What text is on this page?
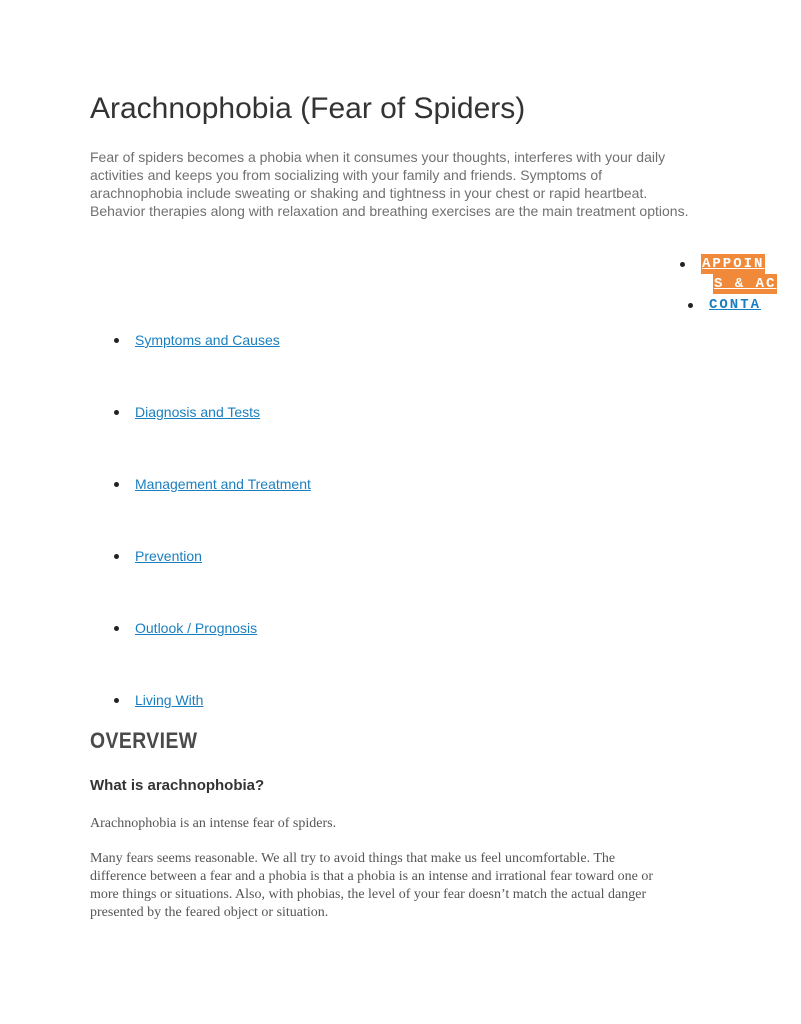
Arachnophobia (Fear of Spiders)

Fear of spiders becomes a phobia when it consumes your thoughts, interferes with your daily activities and keeps you from socializing with your family and friends. Symptoms of arachnophobia include sweating or shaking and tightness in your chest or rapid heartbeat. Behavior therapies along with relaxation and breathing exercises are the main treatment options.

APPOIN
S & AC
CONTA
Symptoms and Causes
Diagnosis and Tests
Management and Treatment
Prevention
Outlook / Prognosis
Living With
OVERVIEW
What is arachnophobia?

Arachnophobia is an intense fear of spiders.

Many fears seems reasonable. We all try to avoid things that make us feel uncomfortable. The difference between a fear and a phobia is that a phobia is an intense and irrational fear toward one or more things or situations. Also, with phobias, the level of your fear doesn’t match the actual danger presented by the feared object or situation.
